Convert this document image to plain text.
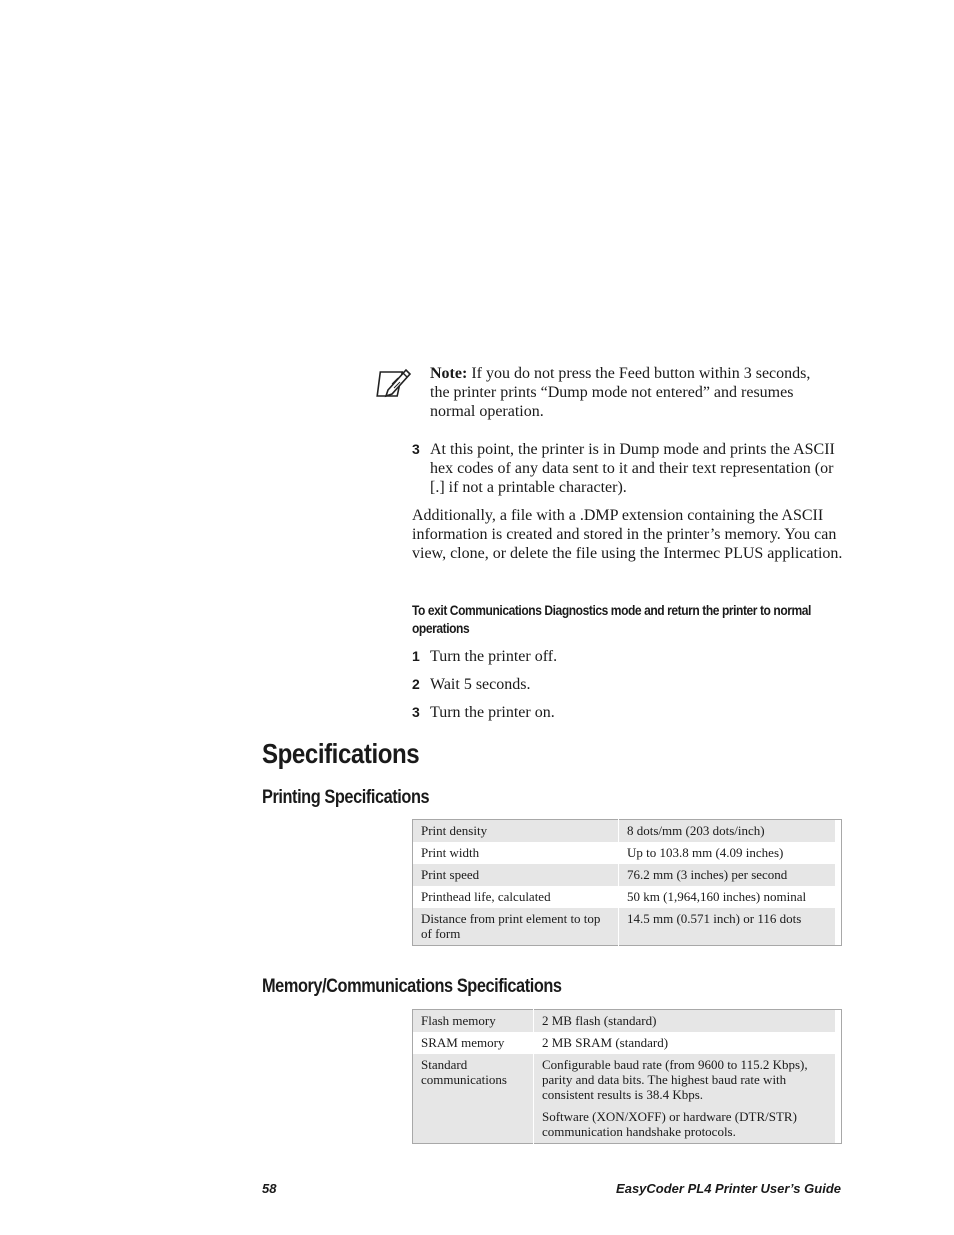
Note: If you do not press the Feed button within 3 seconds, the printer prints “Dump mode not entered” and resumes normal operation.
3 At this point, the printer is in Dump mode and prints the ASCII hex codes of any data sent to it and their text representation (or [.] if not a printable character).
Additionally, a file with a .DMP extension containing the ASCII information is created and stored in the printer’s memory. You can view, clone, or delete the file using the Intermec PLUS application.
To exit Communications Diagnostics mode and return the printer to normal operations
1 Turn the printer off.
2 Wait 5 seconds.
3 Turn the printer on.
Specifications
Printing Specifications
Print density	8 dots/mm (203 dots/inch)	
Print width	Up to 103.8 mm (4.09 inches)	
Print speed	76.2 mm (3 inches) per second	
Printhead life, calculated	50 km (1,964,160 inches) nominal	
Distance from print element to top of form	14.5 mm (0.571 inch) or 116 dots	
Memory/Communications Specifications
Flash memory	2 MB flash (standard)	
SRAM memory	2 MB SRAM (standard)	
Standard communications	Configurable baud rate (from 9600 to 115.2 Kbps), parity and data bits. The highest baud rate with consistent results is 38.4 Kbps.

Software (XON/XOFF) or hardware (DTR/STR) communication handshake protocols.	

58	EasyCoder PL4 Printer User’s Guide
